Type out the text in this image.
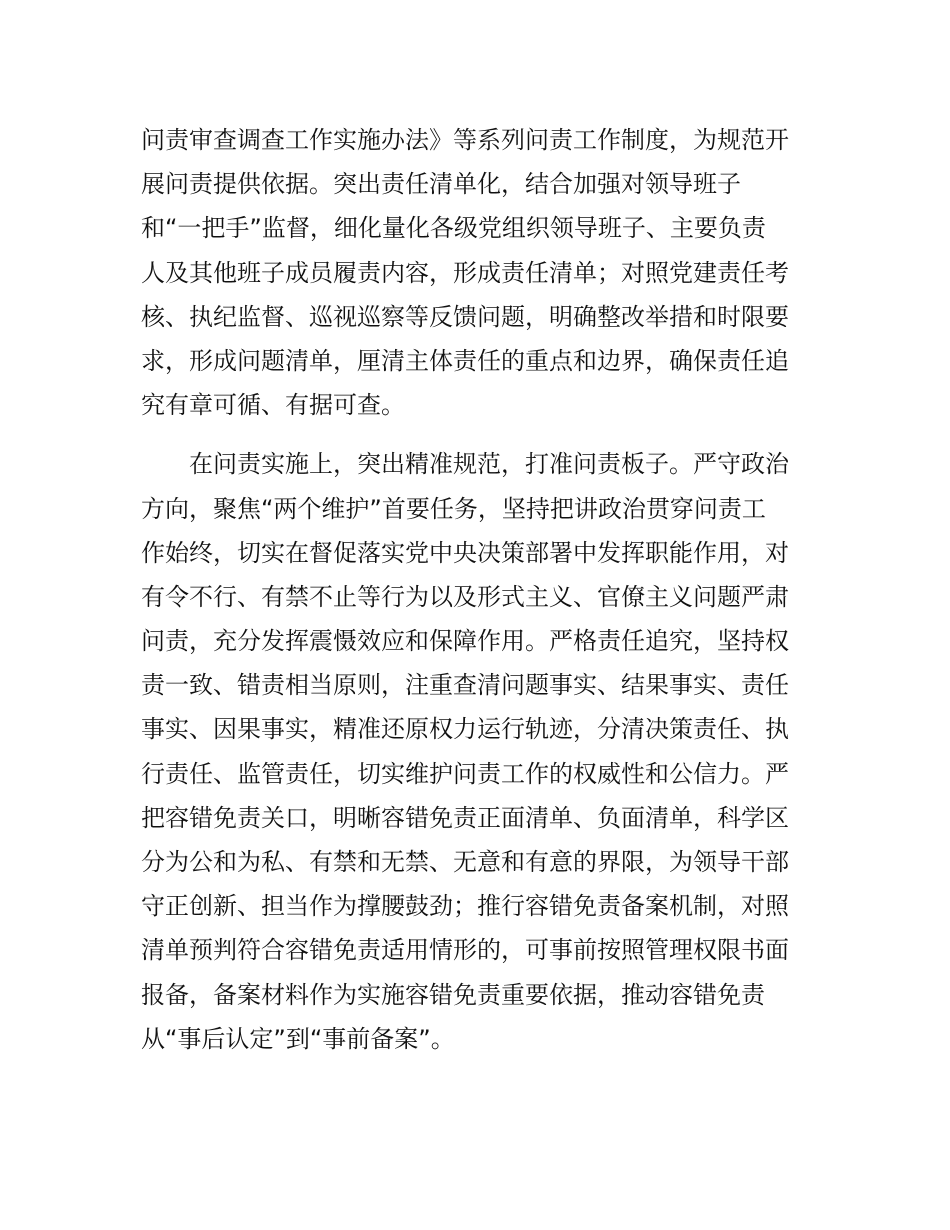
问责审查调查工作实施办法》等系列问责工作制度，为规范开
展问责提供依据。突出责任清单化，结合加强对领导班子
和“一把手”监督，细化量化各级党组织领导班子、主要负责
人及其他班子成员履责内容，形成责任清单；对照党建责任考
核、执纪监督、巡视巡察等反馈问题，明确整改举措和时限要
求，形成问题清单，厘清主体责任的重点和边界，确保责任追
究有章可循、有据可查。
在问责实施上，突出精准规范，打准问责板子。严守政治
方向，聚焦“两个维护”首要任务，坚持把讲政治贯穿问责工
作始终，切实在督促落实党中央决策部署中发挥职能作用，对
有令不行、有禁不止等行为以及形式主义、官僚主义问题严肃
问责，充分发挥震慑效应和保障作用。严格责任追究，坚持权
责一致、错责相当原则，注重查清问题事实、结果事实、责任
事实、因果事实，精准还原权力运行轨迹，分清决策责任、执
行责任、监管责任，切实维护问责工作的权威性和公信力。严
把容错免责关口，明晰容错免责正面清单、负面清单，科学区
分为公和为私、有禁和无禁、无意和有意的界限，为领导干部
守正创新、担当作为撑腰鼓劲；推行容错免责备案机制，对照
清单预判符合容错免责适用情形的，可事前按照管理权限书面
报备，备案材料作为实施容错免责重要依据，推动容错免责
从“事后认定”到“事前备案”。
